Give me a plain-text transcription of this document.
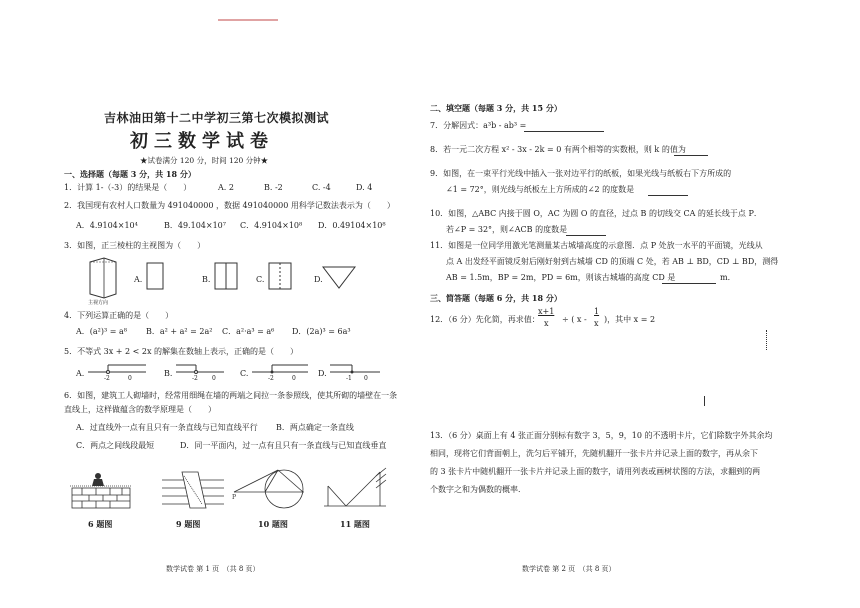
吉林油田第十二中学初三第七次模拟测试
初三数学试卷
★试卷满分 120 分，时间 120 分钟★
一、选择题（每题 3 分，共 18 分）
1．计算 1-（-3）的结果是（　　）	A. 2	B. -2	C. -4	D. 4
2．我国现有农村人口数量为 491040000 ，数据 491040000 用科学记数法表示为（　　）
A．4.9104×10⁴	B．49.104×10⁷ C．4.9104×10⁸ D．0.49104×10⁸
3．如图，正三棱柱的主视图为（　　）
主视方向
A.	B.	C.	D.
4．下列运算正确的是（　　）
A．(a²)³ = a⁸ B．a² + a² = 2a² C．a²·a³ = a⁶ D．(2a)³ = 6a³
5．不等式 3x + 2 < 2x 的解集在数轴上表示，正确的是（　　）
A.
-2	0
B.
-2 0
C.
-2	0
D.
-1 0
6．如图，建筑工人砌墙时，经常用细绳在墙的两端之间拉一条参照线，使其所砌的墙壁在一条
直线上，这样做蕴含的数学原理是（　　）
A．过直线外一点有且只有一条直线与已知直线平行 B．两点确定一条直线
C．两点之间线段最短	D．同一平面内，过一点有且只有一条直线与已知直线垂直
P
6 题图	9 题图	10 题图	11 题图
数学试卷 第 1 页　（共 8 页）
二、填空题（每题 3 分，共 15 分）
7．分解因式：a³b - ab³ =
8．若一元二次方程 x² - 3x - 2k = 0 有两个相等的实数根，则 k 的值为
9．如图，在一束平行光线中插入一张对边平行的纸板，如果光线与纸板右下方所成的
∠1 = 72°，则光线与纸板左上方所成的∠2 的度数是
10．如图，△ABC 内接于圆 O，AC 为圆 O 的直径，过点 B 的切线交 CA 的延长线于点 P．
若∠P = 32°，则∠ACB 的度数是
11．如图是一位同学用激光笔测量某古城墙高度的示意图．点 P 处放一水平的平面镜，光线从
点 A 出发经平面镜反射后刚好射到古城墙 CD 的顶端 C 处，若 AB ⊥ BD，CD ⊥ BD，测得
AB = 1.5m，BP = 2m，PD = 6m，则该古城墙的高度 CD 是	m．
三、简答题（每题 6 分，共 18 分）
12．（6 分）先化简，再求值：
x+1
x ÷ ( x -
1
x )，其中 x = 2
13．（6 分）桌面上有 4 张正面分别标有数字 3，5，9，10 的不透明卡片，它们除数字外其余均
相同，现将它们背面朝上，洗匀后平铺开，先随机翻开一张卡片并记录上面的数字，再从余下
的 3 张卡片中随机翻开一张卡片并记录上面的数字，请用列表或画树状图的方法，求翻到的两
个数字之和为偶数的概率．
数学试卷 第 2 页　（共 8 页）
